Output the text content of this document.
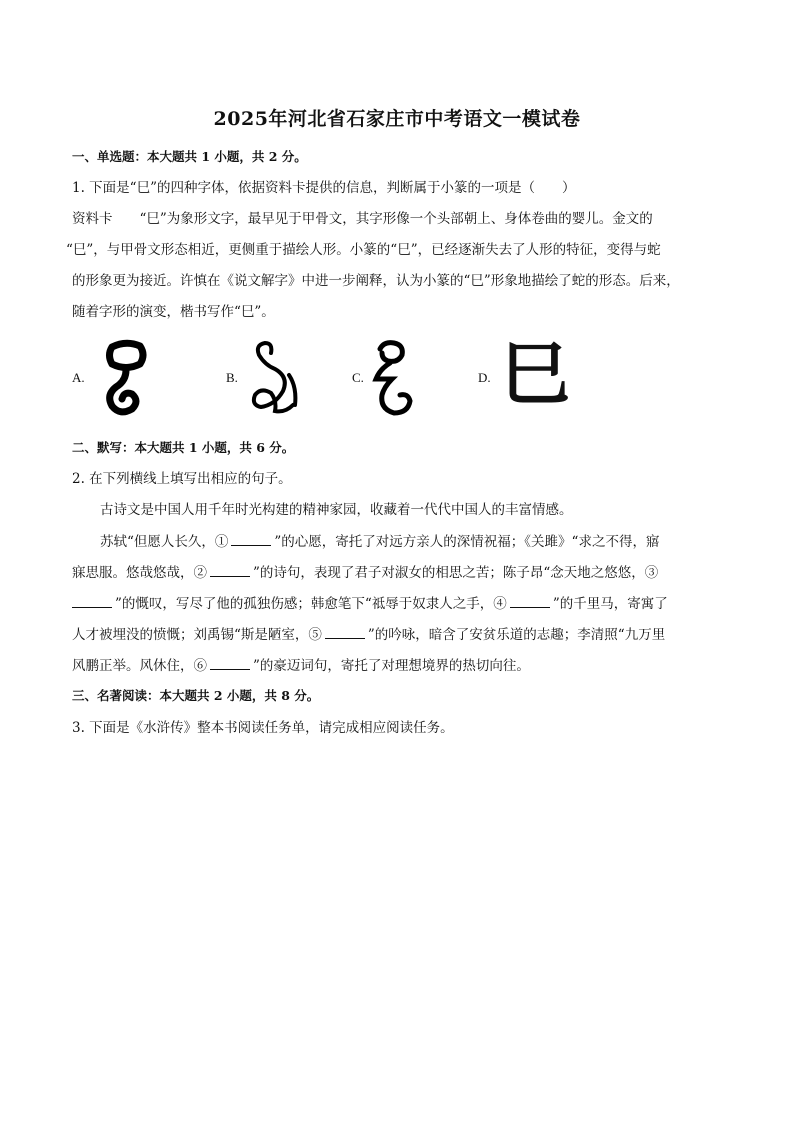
2025年河北省石家庄市中考语文一模试卷
一、单选题：本大题共 1 小题，共 2 分。
1. 下面是“巳”的四种字体，依据资料卡提供的信息，判断属于小篆的一项是（　　）
资料卡　　“巳”为象形文字，最早见于甲骨文，其字形像一个头部朝上、身体卷曲的婴儿。金文的
“巳”，与甲骨文形态相近，更侧重于描绘人形。小篆的“巳”，已经逐渐失去了人形的特征，变得与蛇
的形象更为接近。许慎在《说文解字》中进一步阐释，认为小篆的“巳”形象地描绘了蛇的形态。后来，
随着字形的演变，楷书写作“巳”。
A.	B.	C.	D. 巳
二、默写：本大题共 1 小题，共 6 分。
2. 在下列横线上填写出相应的句子。
古诗文是中国人用千年时光构建的精神家园，收藏着一代代中国人的丰富情感。
苏轼“但愿人长久，①	”的心愿，寄托了对远方亲人的深情祝福；《关雎》“求之不得，寤
寐思服。悠哉悠哉，②	”的诗句，表现了君子对淑女的相思之苦；陈子昂“念天地之悠悠，③
”的慨叹，写尽了他的孤独伤感；韩愈笔下“祗辱于奴隶人之手，④	”的千里马，寄寓了
人才被埋没的愤慨；刘禹锡“斯是陋室，⑤	”的吟咏，暗含了安贫乐道的志趣；李清照“九万里
风鹏正举。风休住，⑥	”的豪迈词句，寄托了对理想境界的热切向往。
三、名著阅读：本大题共 2 小题，共 8 分。
3. 下面是《水浒传》整本书阅读任务单，请完成相应阅读任务。
